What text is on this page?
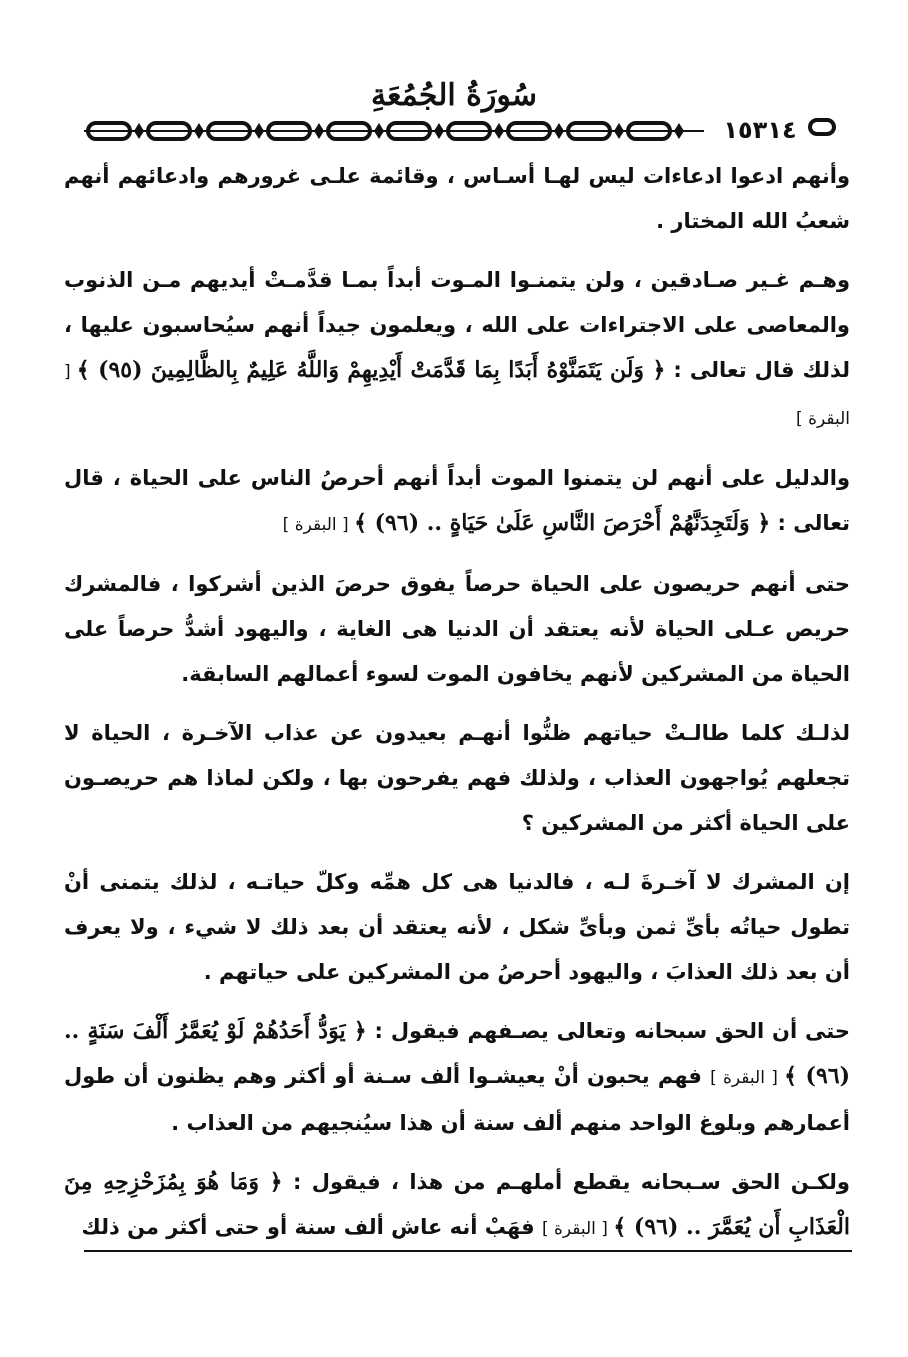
سُورَةُ الجُمُعَةِ
١٥٣١٤

وأنهم ادعوا ادعاءات ليس لهـا أسـاس ، وقائمة علـى غرورهم وادعائهم أنهم شعبُ الله المختار .

وهـم غـير صـادقين ، ولن يتمنـوا المـوت أبداً بمـا قدَّمـتْ أيديهم مـن الذنوب والمعاصى على الاجتراءات على الله ، ويعلمون جيداً أنهم سيُحاسبون عليها ، لذلك قال تعالى : ﴿ وَلَن يَتَمَنَّوْهُ أَبَدًا بِمَا قَدَّمَتْ أَيْدِيهِمْ وَاللَّهُ عَلِيمٌ بِالظَّالِمِينَ (٩٥) ﴾ [ البقرة ]

والدليل على أنهم لن يتمنوا الموت أبداً أنهم أحرصُ الناس على الحياة ، قال تعالى : ﴿ وَلَتَجِدَنَّهُمْ أَحْرَصَ النَّاسِ عَلَىٰ حَيَاةٍ .. (٩٦) ﴾ [ البقرة ]

حتى أنهم حريصون على الحياة حرصاً يفوق حرصَ الذين أشركوا ، فالمشرك حريص عـلى الحياة لأنه يعتقد أن الدنيا هى الغاية ، واليهود أشدُّ حرصاً على الحياة من المشركين لأنهم يخافون الموت لسوء أعمالهم السابقة.

لذلـك كلما طالـتْ حياتهم ظنُّوا أنهـم بعيدون عن عذاب الآخـرة ، الحياة لا تجعلهم يُواجهون العذاب ، ولذلك فهم يفرحون بها ، ولكن لماذا هم حريصـون على الحياة أكثر من المشركين ؟

إن المشرك لا آخـرةَ لـه ، فالدنيا هى كل همِّه وكلّ حياتـه ، لذلك يتمنى أنْ تطول حياتُه بأىِّ ثمن وبأىِّ شكل ، لأنه يعتقد أن بعد ذلك لا شيء ، ولا يعرف أن بعد ذلك العذابَ ، واليهود أحرصُ من المشركين على حياتهم .

حتى أن الحق سبحانه وتعالى يصـفهم فيقول : ﴿ يَوَدُّ أَحَدُهُمْ لَوْ يُعَمَّرُ أَلْفَ سَنَةٍ .. (٩٦) ﴾ [ البقرة ] فهم يحبون أنْ يعيشـوا ألف سـنة أو أكثر وهم يظنون أن طول أعمارهم وبلوغ الواحد منهم ألف سنة أن هذا سيُنجيهم من العذاب .

ولكـن الحق سـبحانه يقطع أملهـم من هذا ، فيقول : ﴿ وَمَا هُوَ بِمُزَحْزِحِهِ مِنَ الْعَذَابِ أَن يُعَمَّرَ .. (٩٦) ﴾ [ البقرة ] فهَبْ أنه عاش ألف سنة أو حتى أكثر من ذلك
